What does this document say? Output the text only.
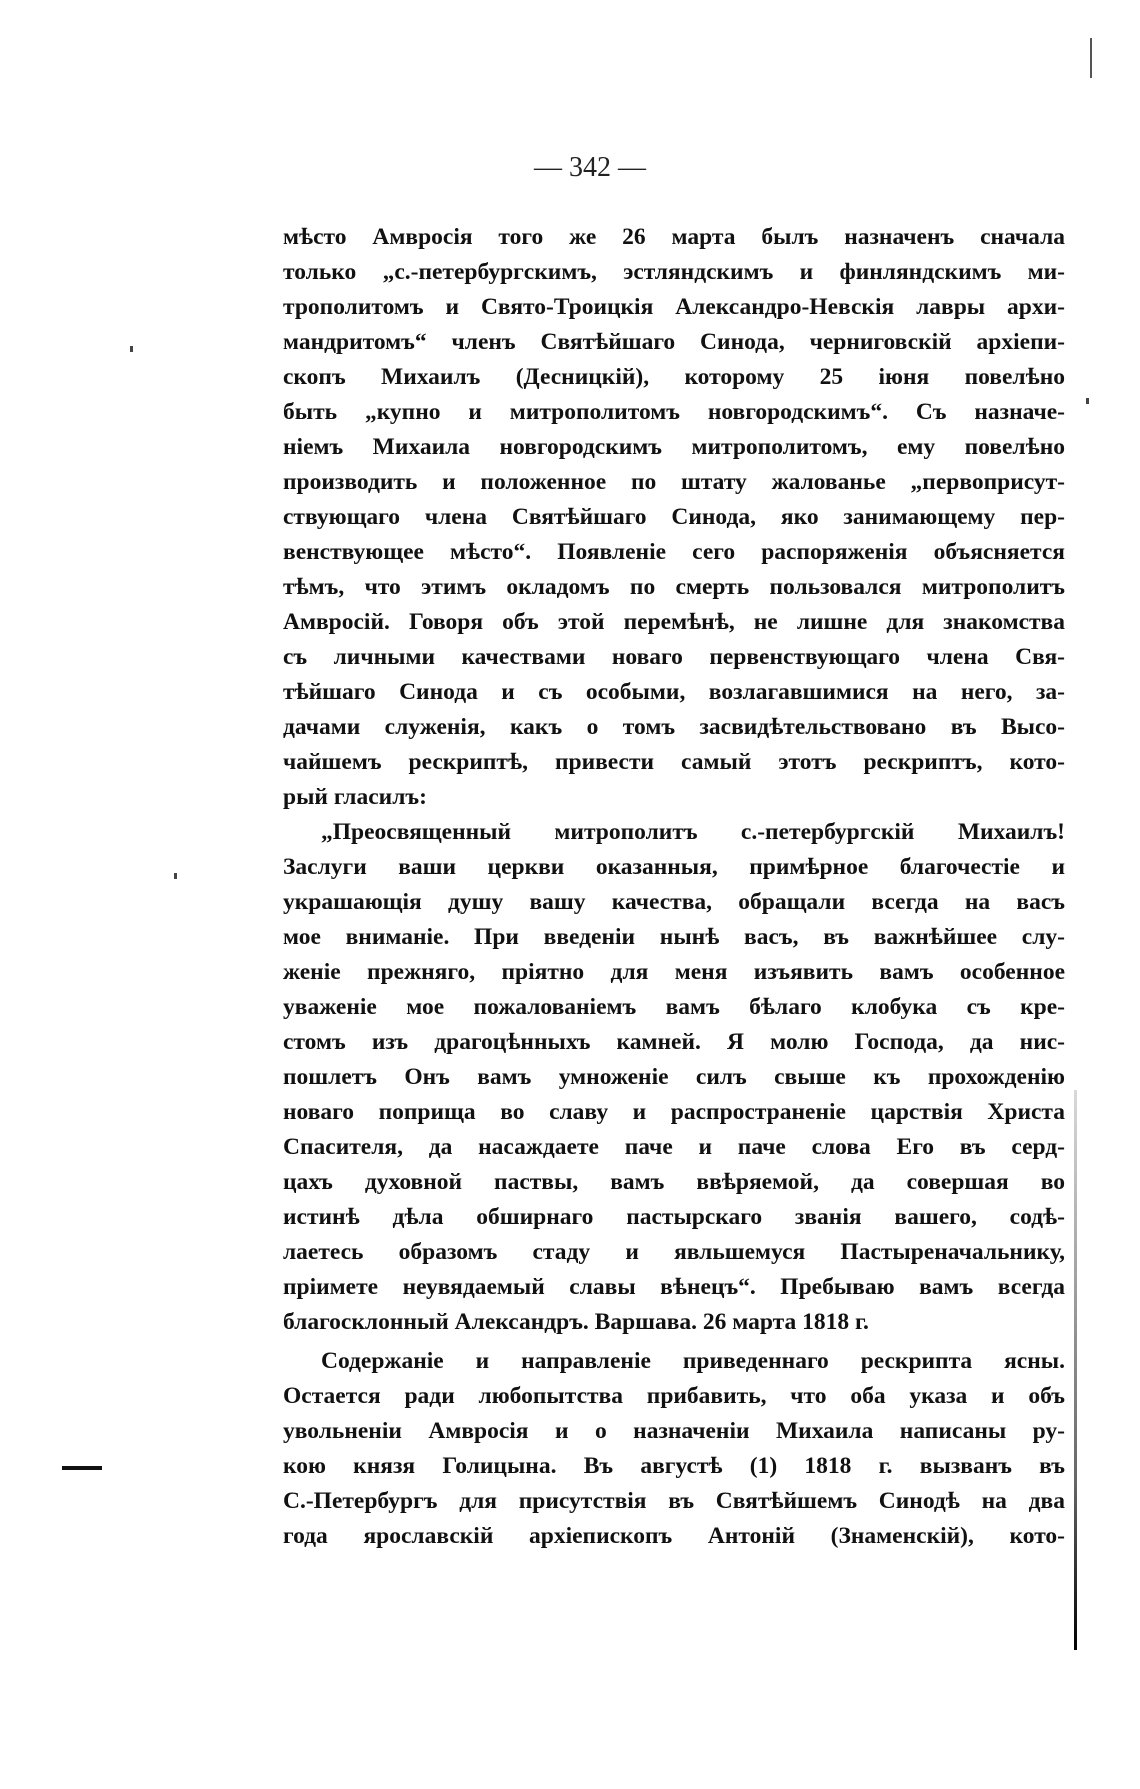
— 342 —
мѣсто Амвросія того же 26 марта былъ назначенъ сначала
только „с.-петербургскимъ, эстляндскимъ и финляндскимъ ми-
трополитомъ и Свято-Троицкія Александро-Невскія лавры архи-
мандритомъ“ членъ Святѣйшаго Синода, черниговскій архіепи-
скопъ Михаилъ (Десницкій), которому 25 іюня повелѣно
быть „купно и митрополитомъ новгородскимъ“. Съ назначе-
ніемъ Михаила новгородскимъ митрополитомъ, ему повелѣно
производить и положенное по штату жалованье „первоприсут-
ствующаго члена Святѣйшаго Синода, яко занимающему пер-
венствующее мѣсто“. Появленіе сего распоряженія объясняется
тѣмъ, что этимъ окладомъ по смерть пользовался митрополитъ
Амвросій. Говоря объ этой перемѣнѣ, не лишне для знакомства
съ личными качествами новаго первенствующаго члена Свя-
тѣйшаго Синода и съ особыми, возлагавшимися на него, за-
дачами служенія, какъ о томъ засвидѣтельствовано въ Высо-
чайшемъ рескриптѣ, привести самый этотъ рескриптъ, кото-
рый гласилъ:
„Преосвященный митрополитъ с.-петербургскій Михаилъ!
Заслуги ваши церкви оказанныя, примѣрное благочестіе и
украшающія душу вашу качества, обращали всегда на васъ
мое вниманіе. При введеніи нынѣ васъ, въ важнѣйшее слу-
женіе прежняго, пріятно для меня изъявить вамъ особенное
уваженіе мое пожалованіемъ вамъ бѣлаго клобука съ кре-
стомъ изъ драгоцѣнныхъ камней. Я молю Господа, да нис-
пошлетъ Онъ вамъ умноженіе силъ свыше къ прохожденію
новаго поприща во славу и распространеніе царствія Христа
Спасителя, да насаждаете паче и паче слова Его въ серд-
цахъ духовной паствы, вамъ ввѣряемой, да совершая во
истинѣ дѣла обширнаго пастырскаго званія вашего, содѣ-
лаетесь образомъ стаду и явльшемуся Пастыреначальнику,
пріимете неувядаемый славы вѣнецъ“. Пребываю вамъ всегда
благосклонный Александръ. Варшава. 26 марта 1818 г.
Содержаніе и направленіе приведеннаго рескрипта ясны.
Остается ради любопытства прибавить, что оба указа и объ
увольненіи Амвросія и о назначеніи Михаила написаны ру-
кою князя Голицына. Въ августѣ (1) 1818 г. вызванъ въ
С.-Петербургъ для присутствія въ Святѣйшемъ Синодѣ на два
года ярославскій архіепископъ Антоній (Знаменскій), кото-
